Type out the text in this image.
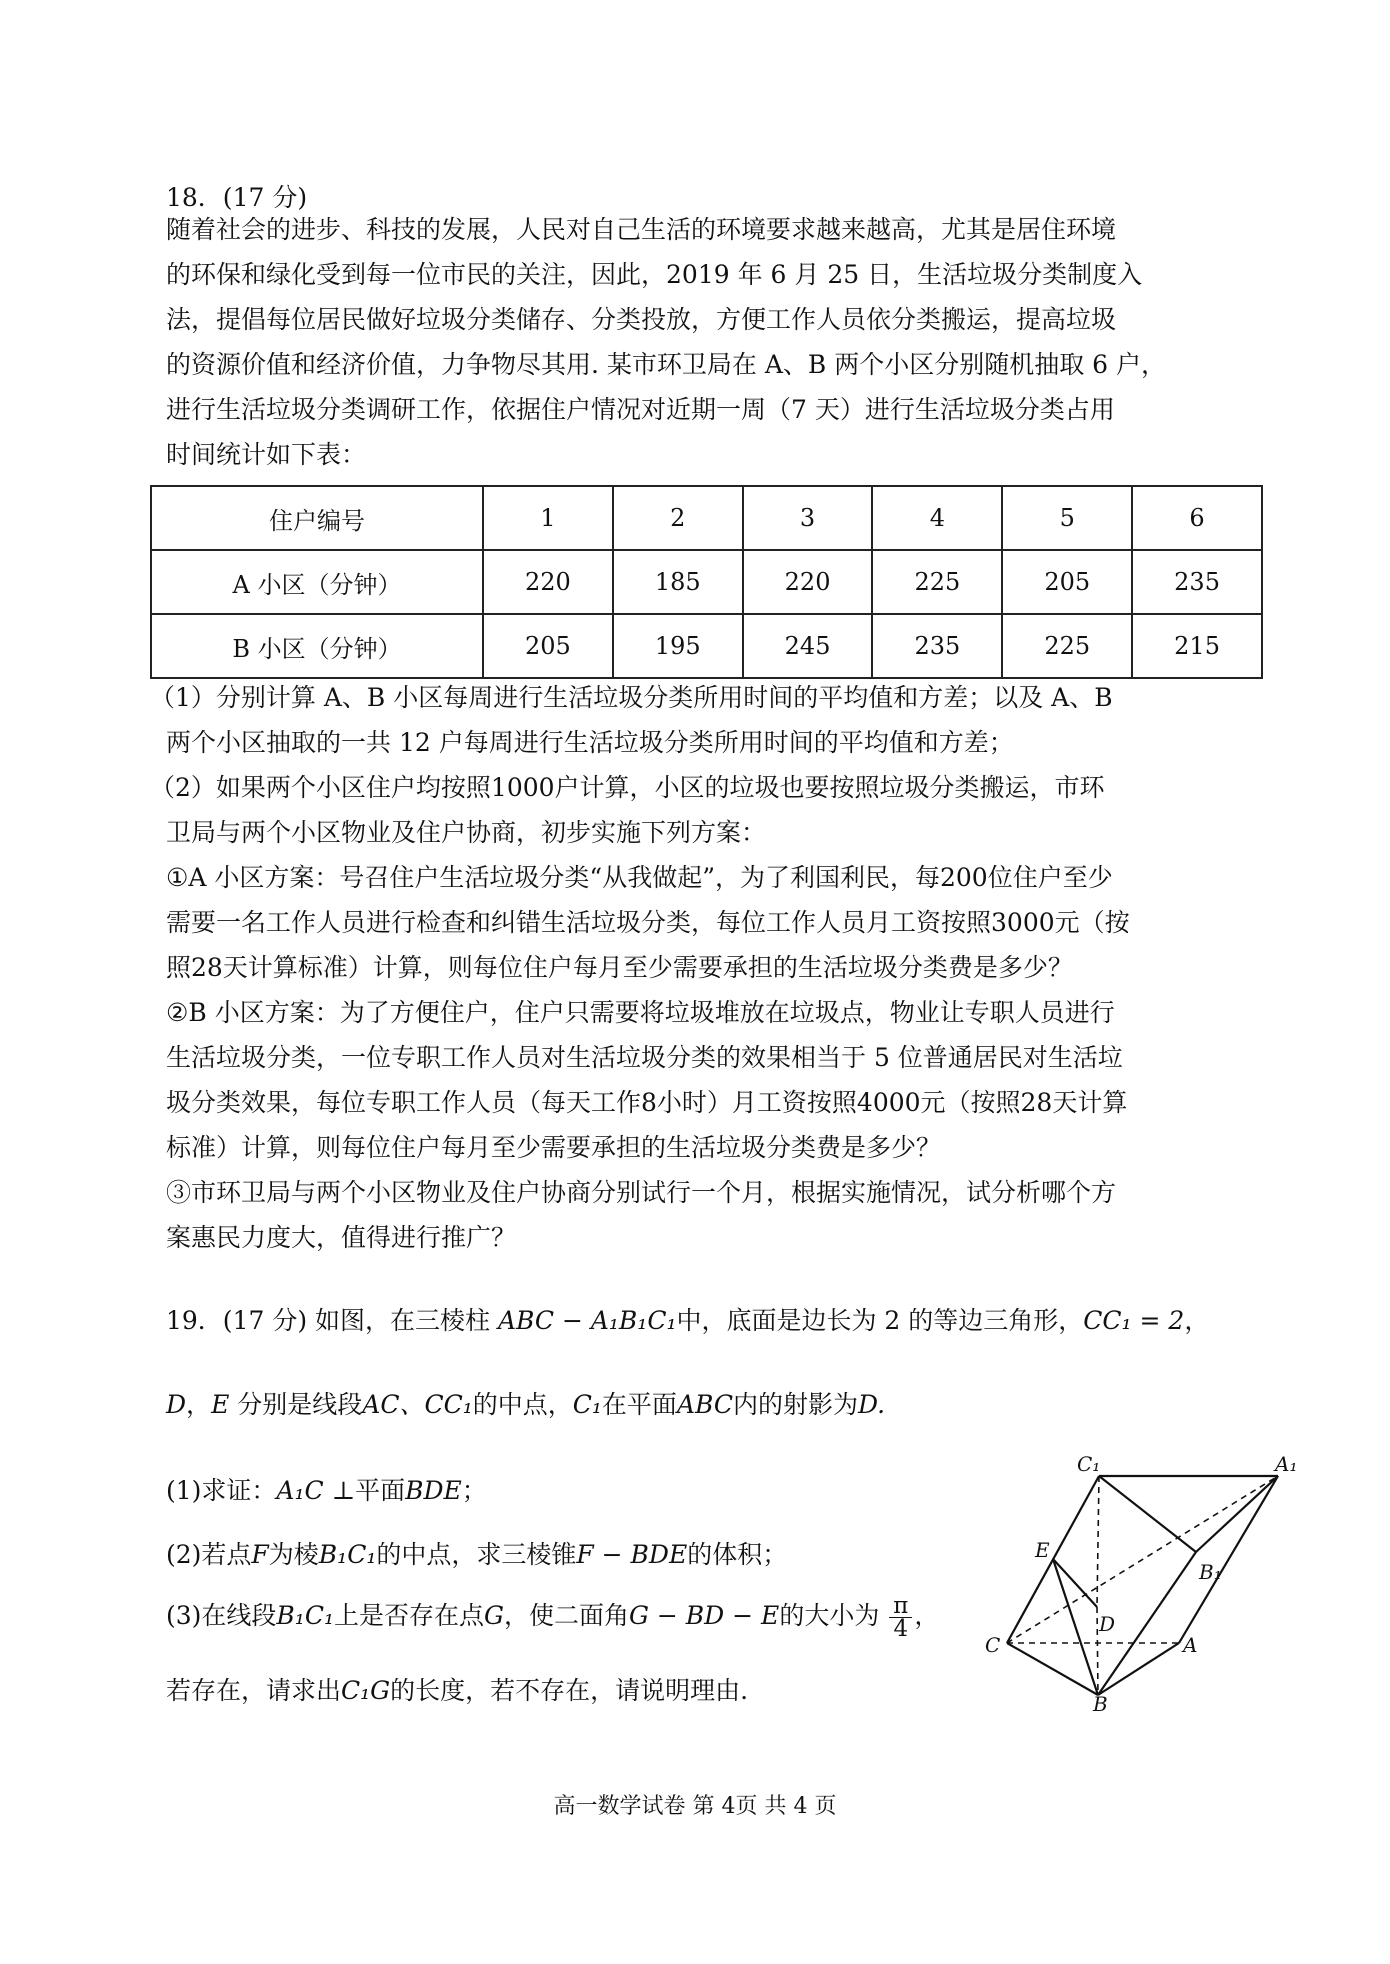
18．(17 分)
随着社会的进步、科技的发展，人民对自己生活的环境要求越来越高，尤其是居住环境
的环保和绿化受到每一位市民的关注，因此，2019 年 6 月 25 日，生活垃圾分类制度入
法，提倡每位居民做好垃圾分类储存、分类投放，方便工作人员依分类搬运，提高垃圾
的资源价值和经济价值，力争物尽其用. 某市环卫局在 A、B 两个小区分别随机抽取 6 户，
进行生活垃圾分类调研工作，依据住户情况对近期一周（7 天）进行生活垃圾分类占用
时间统计如下表：
住户编号	1	2	3	4	5	6
A 小区（分钟）	220	185	220	225	205	235
B 小区（分钟）	205	195	245	235	225	215
（1）分别计算 A、B 小区每周进行生活垃圾分类所用时间的平均值和方差；以及 A、B
两个小区抽取的一共 12 户每周进行生活垃圾分类所用时间的平均值和方差；
（2）如果两个小区住户均按照1000户计算，小区的垃圾也要按照垃圾分类搬运，市环
卫局与两个小区物业及住户协商，初步实施下列方案：
①A 小区方案：号召住户生活垃圾分类“从我做起”，为了利国利民，每200位住户至少
需要一名工作人员进行检查和纠错生活垃圾分类，每位工作人员月工资按照3000元（按
照28天计算标准）计算，则每位住户每月至少需要承担的生活垃圾分类费是多少？
②B 小区方案：为了方便住户，住户只需要将垃圾堆放在垃圾点，物业让专职人员进行
生活垃圾分类，一位专职工作人员对生活垃圾分类的效果相当于 5 位普通居民对生活垃
圾分类效果，每位专职工作人员（每天工作8小时）月工资按照4000元（按照28天计算
标准）计算，则每位住户每月至少需要承担的生活垃圾分类费是多少？
③市环卫局与两个小区物业及住户协商分别试行一个月，根据实施情况，试分析哪个方
案惠民力度大，值得进行推广？
19．(17 分) 如图，在三棱柱 ABC − A₁B₁C₁中，底面是边长为 2 的等边三角形，CC₁ = 2，
D，E 分别是线段AC、CC₁的中点，C₁在平面ABC内的射影为D.
(1)求证：A₁C ⊥平面BDE；
(2)若点F为棱B₁C₁的中点，求三棱锥F − BDE的体积；
(3)在线段B₁C₁上是否存在点G，使二面角G − BD − E的大小为 $\frac{\pi}{4}$ ，
若存在，请求出C₁G的长度，若不存在，请说明理由.
C₁	A₁
E
B₁
D
C	A
B
高一数学试卷 第 4页 共 4 页
